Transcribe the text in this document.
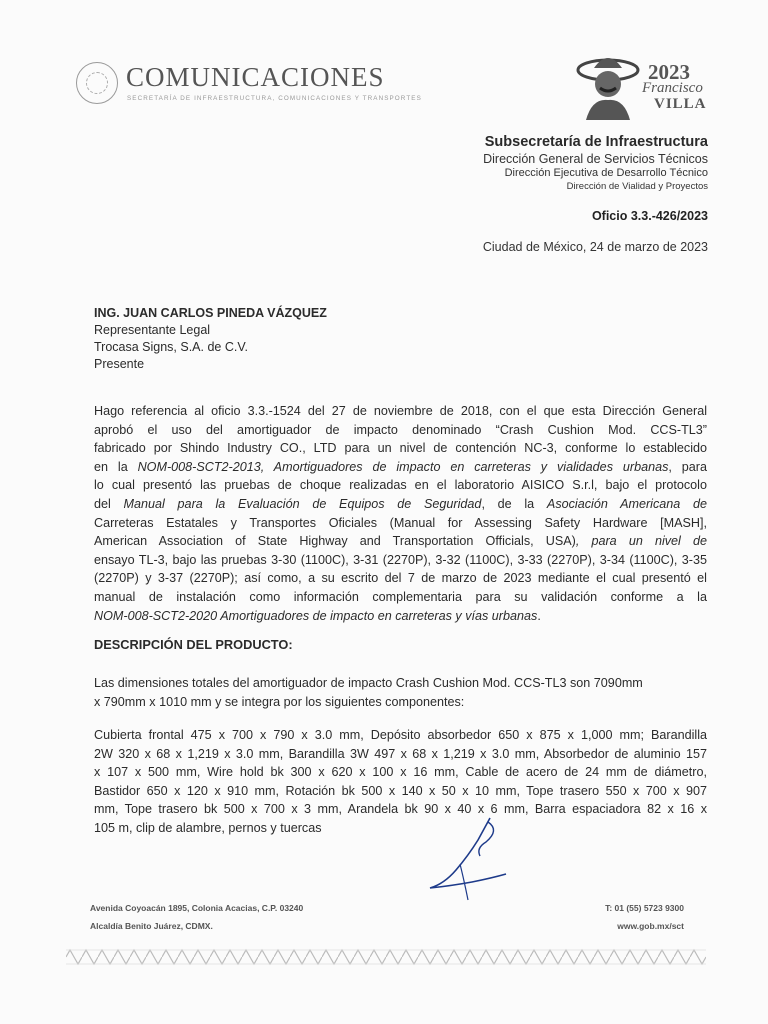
COMUNICACIONES
SECRETARÍA DE INFRAESTRUCTURA, COMUNICACIONES Y TRANSPORTES
2023
Francisco
VILLA
Subsecretaría de Infraestructura
Dirección General de Servicios Técnicos
Dirección Ejecutiva de Desarrollo Técnico
Dirección de Vialidad y Proyectos
Oficio 3.3.-426/2023
Ciudad de México, 24 de marzo de 2023
ING. JUAN CARLOS PINEDA VÁZQUEZ
Representante Legal
Trocasa Signs, S.A. de C.V.
Presente
Hago referencia al oficio 3.3.-1524 del 27 de noviembre de 2018, con el que esta Dirección General
aprobó el uso del amortiguador de impacto denominado “Crash Cushion Mod. CCS-TL3”
fabricado por Shindo Industry CO., LTD para un nivel de contención NC-3, conforme lo establecido
en la NOM-008-SCT2-2013, Amortiguadores de impacto en carreteras y vialidades urbanas, para
lo cual presentó las pruebas de choque realizadas en el laboratorio AISICO S.r.l, bajo el protocolo
del Manual para la Evaluación de Equipos de Seguridad, de la Asociación Americana de
Carreteras Estatales y Transportes Oficiales (Manual for Assessing Safety Hardware [MASH],
American Association of State Highway and Transportation Officials, USA), para un nivel de
ensayo TL-3, bajo las pruebas 3-30 (1100C), 3-31 (2270P), 3-32 (1100C), 3-33 (2270P), 3-34 (1100C), 3-35
(2270P) y 3-37 (2270P); así como, a su escrito del 7 de marzo de 2023 mediante el cual presentó el
manual de instalación como información complementaria para su validación conforme a la
NOM-008-SCT2-2020 Amortiguadores de impacto en carreteras y vías urbanas.
DESCRIPCIÓN DEL PRODUCTO:
Las dimensiones totales del amortiguador de impacto Crash Cushion Mod. CCS-TL3 son 7090mm
x 790mm x 1010 mm y se integra por los siguientes componentes:
Cubierta frontal 475 x 700 x 790 x 3.0 mm, Depósito absorbedor 650 x 875 x 1,000 mm; Barandilla
2W 320 x 68 x 1,219 x 3.0 mm, Barandilla 3W 497 x 68 x 1,219 x 3.0 mm, Absorbedor de aluminio 157
x 107 x 500 mm, Wire hold bk 300 x 620 x 100 x 16 mm, Cable de acero de 24 mm de diámetro,
Bastidor 650 x 120 x 910 mm, Rotación bk 500 x 140 x 50 x 10 mm, Tope trasero 550 x 700 x 907
mm, Tope trasero bk 500 x 700 x 3 mm, Arandela bk 90 x 40 x 6 mm, Barra espaciadora 82 x 16 x
105 m, clip de alambre, pernos y tuercas
Avenida Coyoacán 1895, Colonia Acacias, C.P. 03240
Alcaldía Benito Juárez, CDMX.
T: 01 (55) 5723 9300
www.gob.mx/sct
